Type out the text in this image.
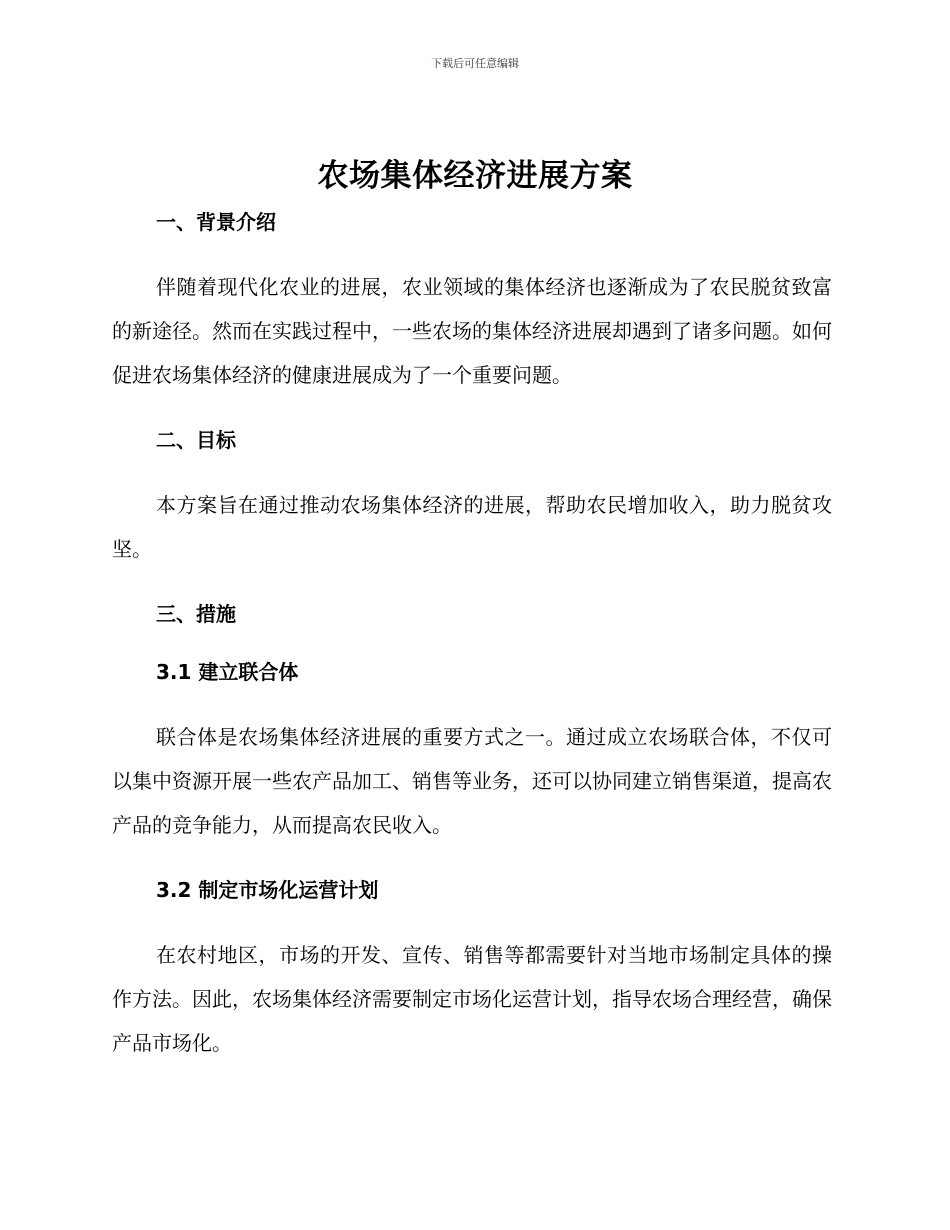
下载后可任意编辑
农场集体经济进展方案
一、背景介绍

伴随着现代化农业的进展，农业领域的集体经济也逐渐成为了农民脱贫致富的新途径。然而在实践过程中，一些农场的集体经济进展却遇到了诸多问题。如何促进农场集体经济的健康进展成为了一个重要问题。

二、目标

本方案旨在通过推动农场集体经济的进展，帮助农民增加收入，助力脱贫攻坚。

三、措施
3.1 建立联合体

联合体是农场集体经济进展的重要方式之一。通过成立农场联合体，不仅可以集中资源开展一些农产品加工、销售等业务，还可以协同建立销售渠道，提高农产品的竞争能力，从而提高农民收入。

3.2 制定市场化运营计划

在农村地区，市场的开发、宣传、销售等都需要针对当地市场制定具体的操作方法。因此，农场集体经济需要制定市场化运营计划，指导农场合理经营，确保产品市场化。
